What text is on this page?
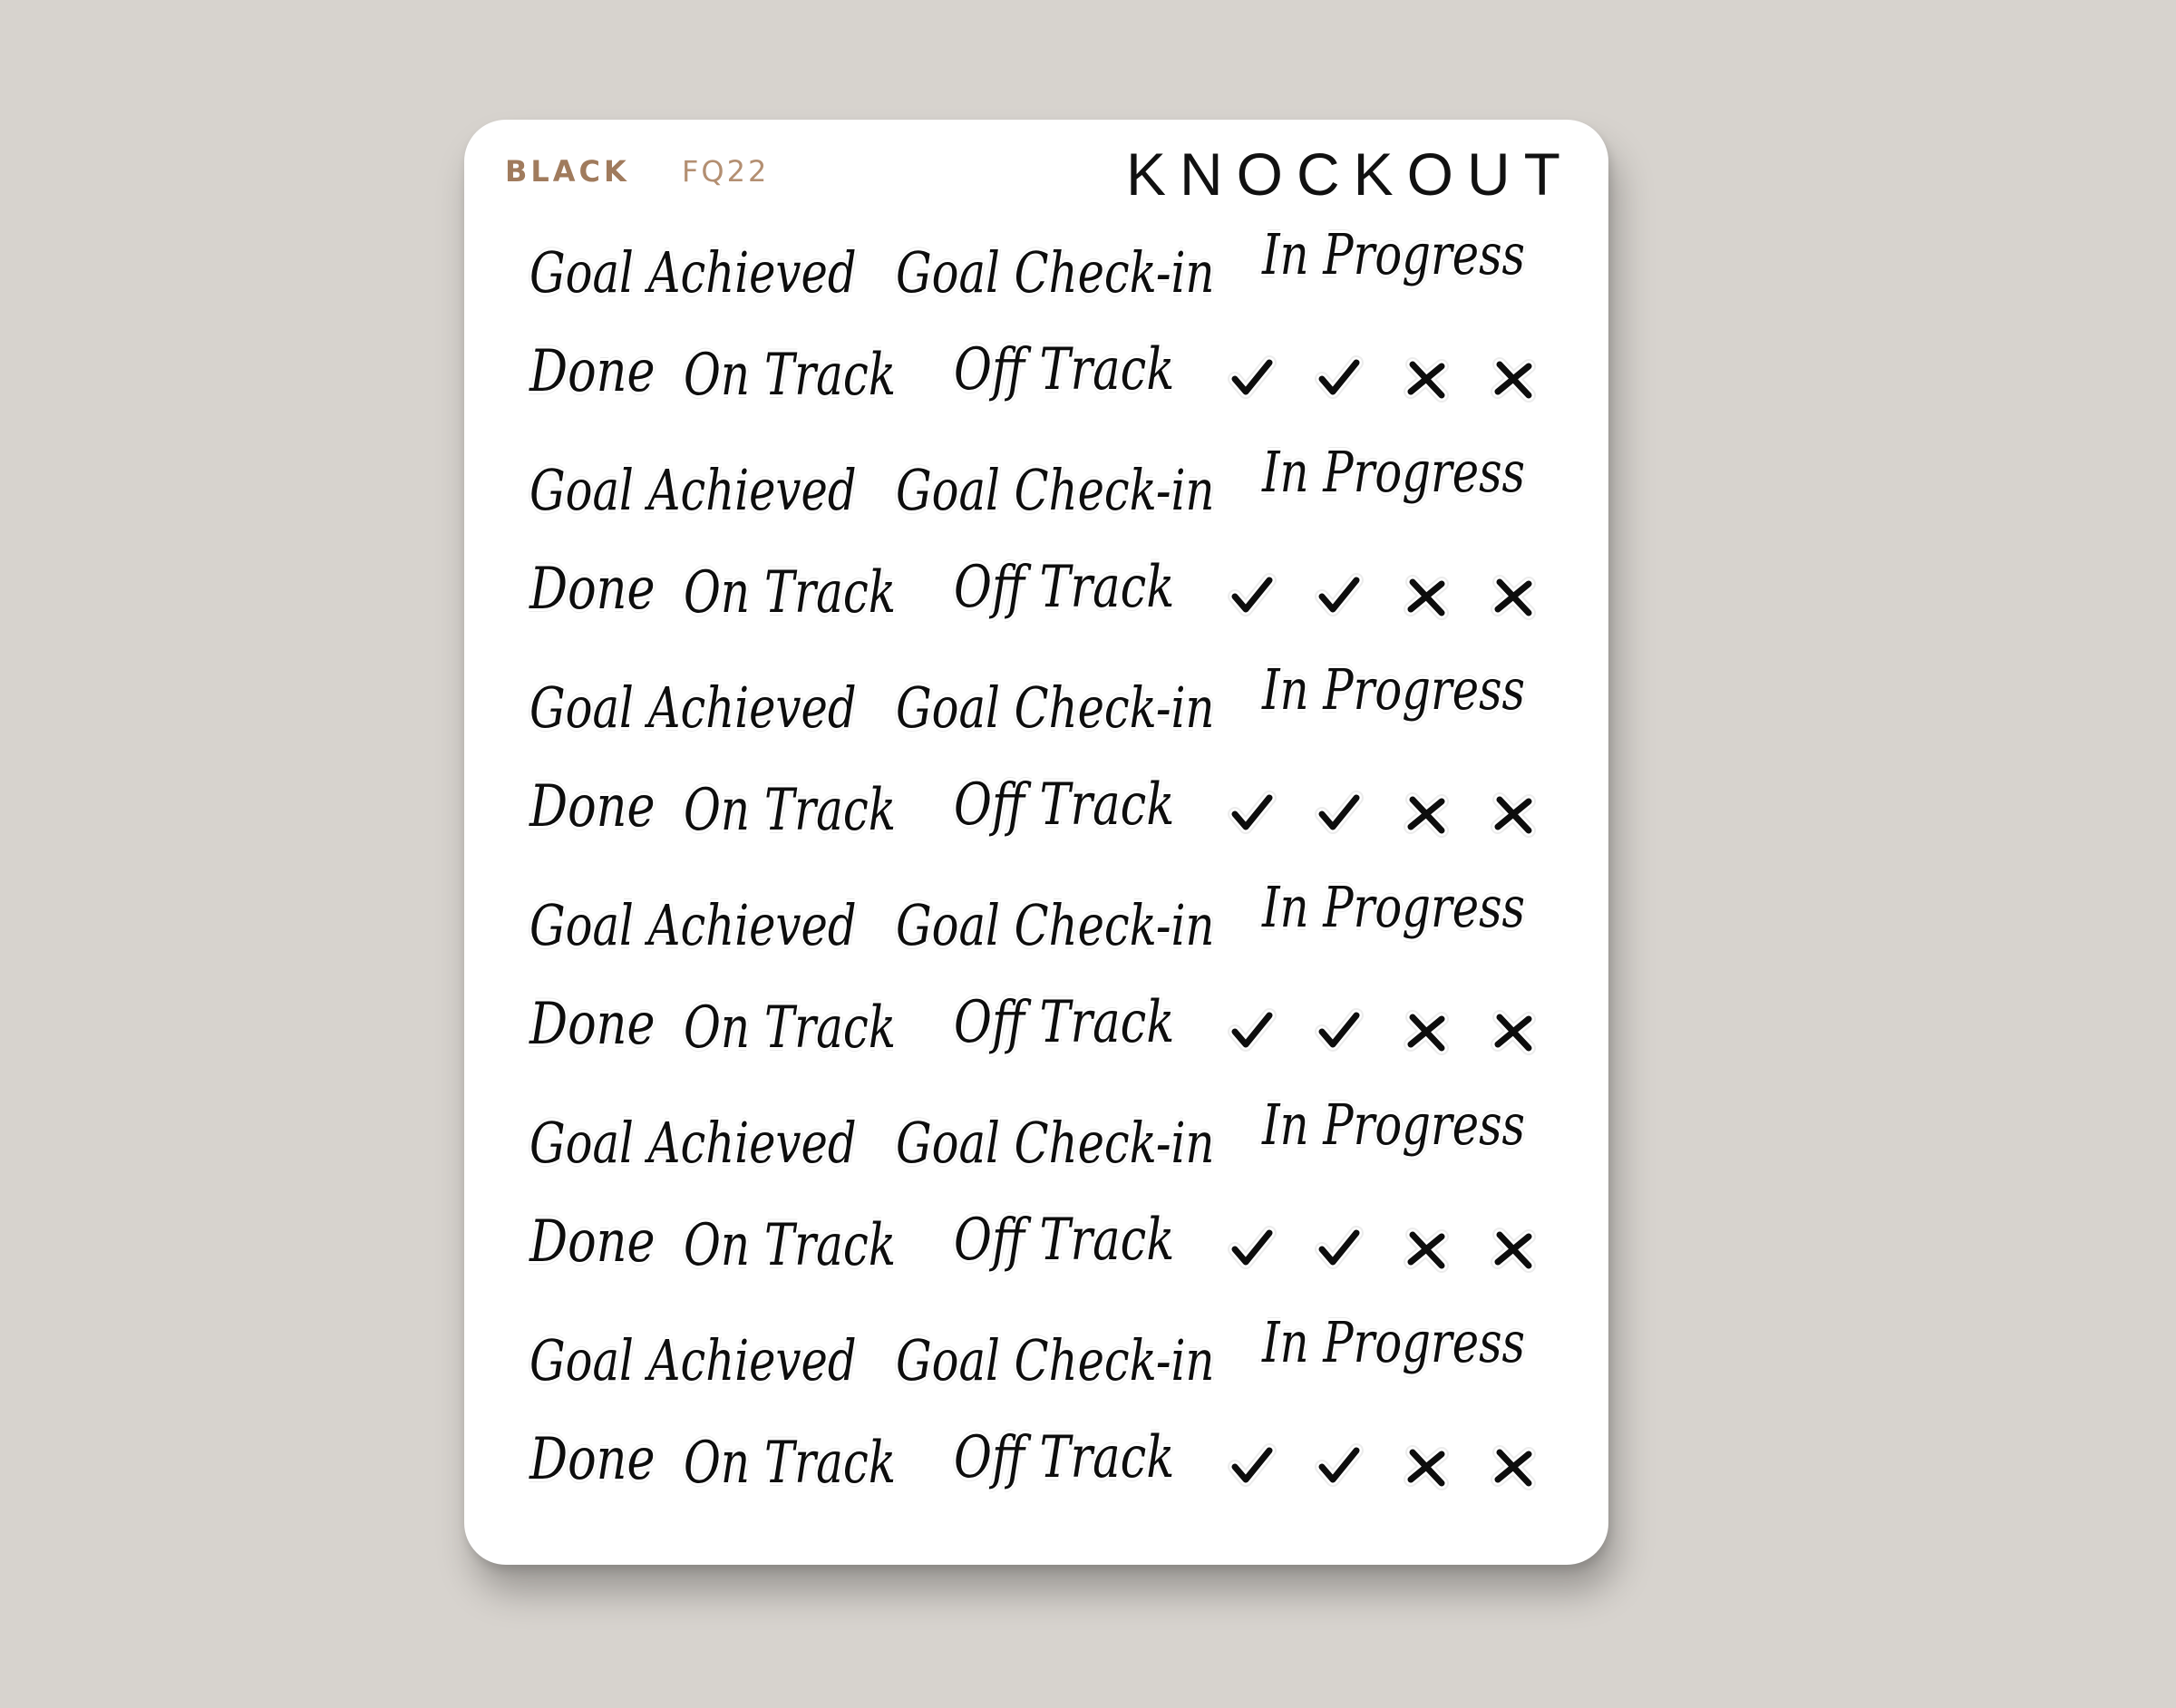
BLACK FQ22	KNOCKOUT
Goal Achieved Goal Check-in In Progress
Done On Track Off Track
Goal Achieved Goal Check-in In Progress
Done On Track Off Track
Goal Achieved Goal Check-in In Progress
Done On Track Off Track
Goal Achieved Goal Check-in In Progress
Done On Track Off Track
Goal Achieved Goal Check-in In Progress
Done On Track Off Track
Goal Achieved Goal Check-in In Progress
Done On Track Off Track
